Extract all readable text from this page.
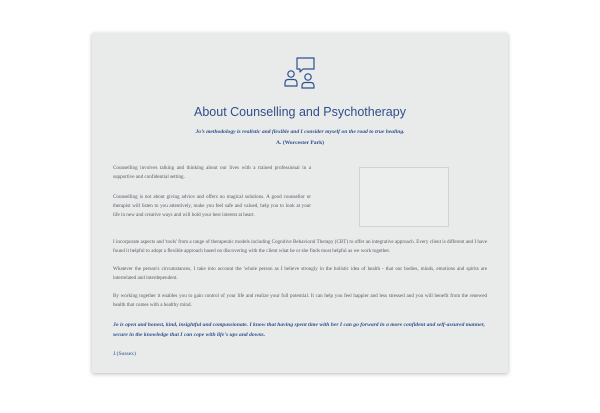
About Counselling and Psychotherapy
Jo’s methodology is realistic and flexible and I consider myself on the road to true healing.
A. (Worcester Park)
Counselling involves talking and thinking about our lives with a trained professional in a supportive and confidential setting.
Counselling is not about giving advice and offers no magical solutions. A good counsellor or therapist will listen to you attentively, make you feel safe and valued, help you to look at your life in new and creative ways and will hold your best interest at heart.
I incorporate aspects and 'tools' from a range of therapeutic models including Cognitive Behavioral Therapy (CBT) to offer an integrative approach. Every client is different and I have found it helpful to adopt a flexible approach based on discovering with the client what he or she finds most helpful as we work together.
Whatever the person's circumstances, I take into account the 'whole person as I believe strongly in the holistic idea of health - that our bodies, minds, emotions and spirits are interrelated and interdependent.
By working together it enables you to gain control of your life and realize your full potential. It can help you feel happier and less stressed and you will benefit from the renewed health that comes with a healthy mind.
Jo is open and honest, kind, insightful and compassionate. I know that having spent time with her I can go forward in a more confident and self-assured manner, secure in the knowledge that I can cope with life's ups and downs.
J.(Sussex)
